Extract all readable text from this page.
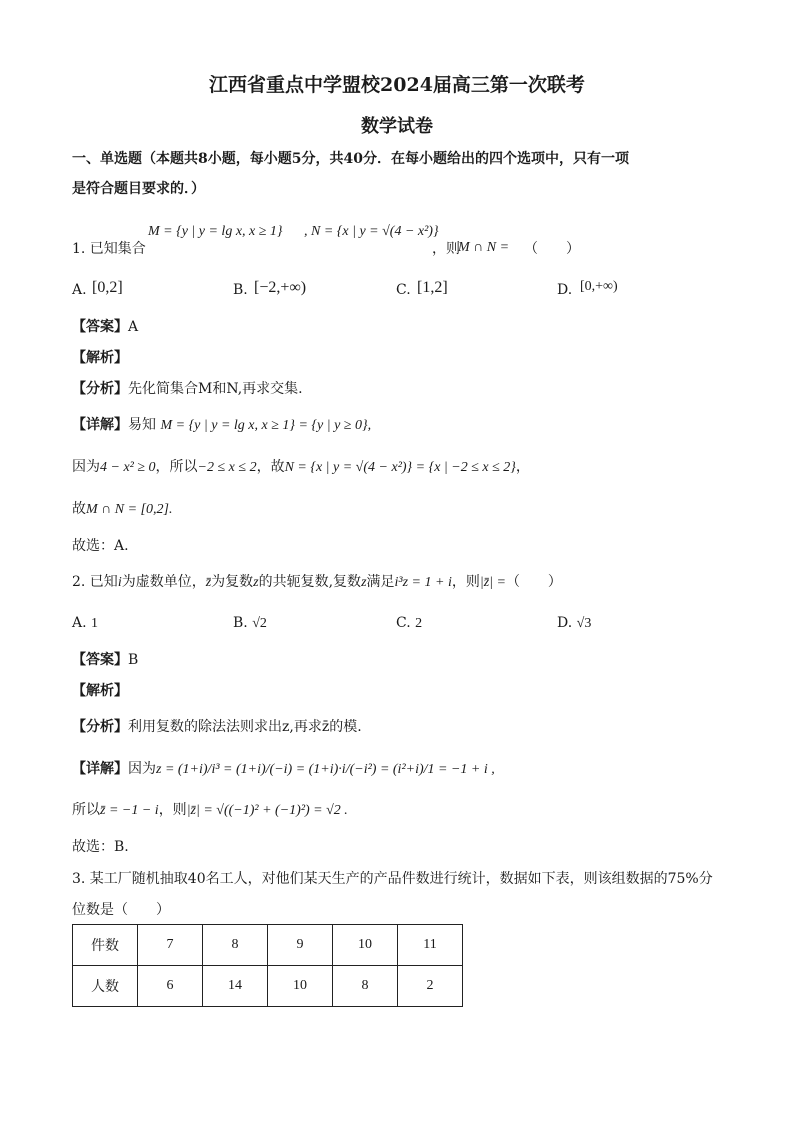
江西省重点中学盟校2024届高三第一次联考
数学试卷
一、单选题（本题共8小题，每小题5分，共40分．在每小题给出的四个选项中，只有一项
是符合题目要求的．）
1. 已知集合
M = {y | y = lg x, x ≥ 1} , N = {x | y = √(4 − x²)}
，则
M ∩ N = （　　）
A. [0,2]	B. [−2,+∞)	C. [1,2]	D. [0,+∞)
【答案】A
【解析】
【分析】先化简集合M和N,再求交集.
【详解】易知 M = {y | y = lg x, x ≥ 1} = {y | y ≥ 0},
因为4 − x² ≥ 0，所以−2 ≤ x ≤ 2，故N = {x | y = √(4 − x²)} = {x | −2 ≤ x ≤ 2}，
故M ∩ N = [0,2].
故选：A.
2. 已知i为虚数单位，z̄为复数z的共轭复数,复数z满足i³z = 1 + i，则|z̄| =（　　）
A. 1	B. √2	C. 2	D. √3
【答案】B
【解析】
【分析】利用复数的除法法则求出z,再求z̄的模.
【详解】因为z = (1+i)/i³ = (1+i)/(−i) = (1+i)·i/(−i²) = (i²+i)/1 = −1 + i ,
所以z̄ = −1 − i，则|z̄| = √((−1)² + (−1)²) = √2 .
故选：B.
3. 某工厂随机抽取40名工人，对他们某天生产的产品件数进行统计，数据如下表，则该组数据的75%分
位数是（　　）
件数	7	8	9	10	11
人数	6	14	10	8	2
